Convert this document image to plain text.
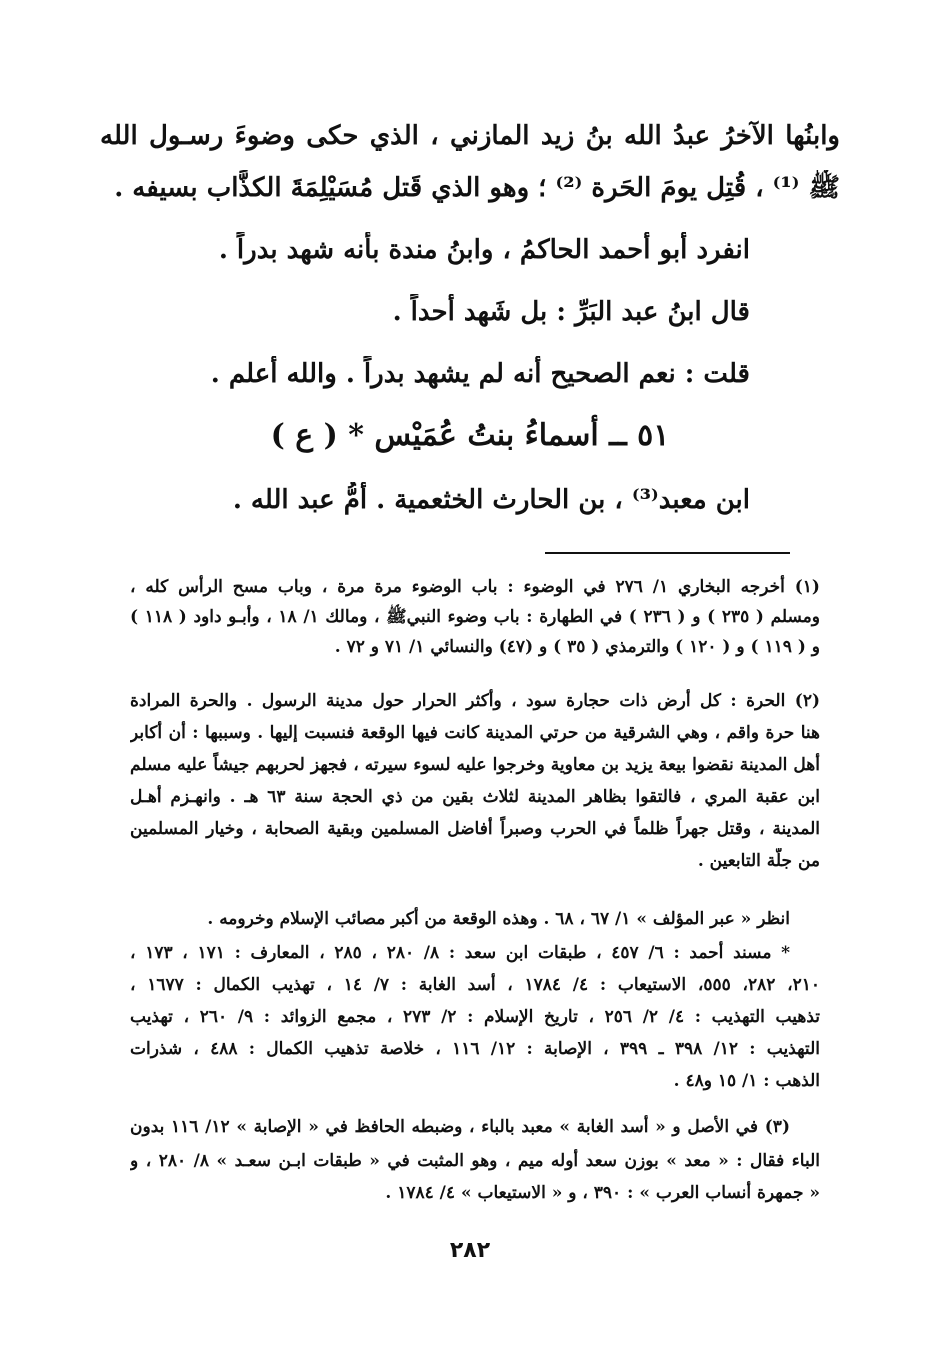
وابنُها الآخرُ عبدُ الله بنُ زيد المازني ، الذي حكى وضوءَ رسـول الله
ﷺ ⁽¹⁾ ، قُتِل يومَ الحَرة ⁽²⁾ ؛ وهو الذي قَتل مُسَيْلِمَةَ الكذَّاب بسيفه .
انفرد أبو أحمد الحاكمُ ، وابنُ مندة بأنه شهد بدراً .
قال ابنُ عبد البَرِّ : بل شَهد أُحداً .
قلت : نعم الصحيح أنه لم يشهد بدراً . والله أعلم .
٥١ ــ أسماءُ بنتُ عُمَيْس * ( ع )
ابن معبد⁽³⁾ ، بن الحارث الخثعمية . أُمُّ عبد الله .
(١) أخرجه البخاري ١/ ٢٧٦ في الوضوء : باب الوضوء مرة مرة ، وباب مسح الرأس كله ،
ومسلم ( ٢٣٥ ) و ( ٢٣٦ ) في الطهارة : باب وضوء النبيﷺ ، ومالك ١/ ١٨ ، وأبـو داود ( ١١٨ )
و ( ١١٩ ) و ( ١٢٠ ) والترمذي ( ٣٥ ) و (٤٧) والنسائي ١/ ٧١ و ٧٢ .
(٢) الحرة : كل أرض ذات حجارة سود ، وأكثر الحرار حول مدينة الرسول . والحرة المرادة
هنا حرة واقم ، وهي الشرقية من حرتي المدينة كانت فيها الوقعة فنسبت إليها . وسببها : أن أكابر
أهل المدينة نقضوا بيعة يزيد بن معاوية وخرجوا عليه لسوء سيرته ، فجهز لحربهم جيشاً عليه مسلم
ابن عقبة المري ، فالتقوا بظاهر المدينة لثلاث بقين من ذي الحجة سنة ٦٣ هـ . وانهـزم أهـل
المدينة ، وقتل جهراً ظلماً في الحرب وصبراً أفاضل المسلمين وبقية الصحابة ، وخيار المسلمين
من جلَّة التابعين .
انظر « عبر المؤلف » ١/ ٦٧ ، ٦٨ . وهذه الوقعة من أكبر مصائب الإسلام وخرومه .
* مسند أحمد : ٦/ ٤٥٧ ، طبقات ابن سعد : ٨/ ٢٨٠ ، ٢٨٥ ، المعارف : ١٧١ ، ١٧٣ ،
٢١٠، ٢٨٢، ٥٥٥، الاستيعاب : ٤/ ١٧٨٤ ، أسد الغابة : ٧/ ١٤ ، تهذيب الكمال : ١٦٧٧ ،
تذهيب التهذيب : ٤/ ٢/ ٢٥٦ ، تاريخ الإسلام : ٢/ ٢٧٣ ، مجمع الزوائد : ٩/ ٢٦٠ ، تهذيب
التهذيب : ١٢/ ٣٩٨ ـ ٣٩٩ ، الإصابة : ١٢/ ١١٦ ، خلاصة تذهيب الكمال : ٤٨٨ ، شذرات
الذهب : ١/ ١٥ و٤٨ .
(٣) في الأصل و « أسد الغابة » معبد بالباء ، وضبطه الحافظ في « الإصابة » ١٢/ ١١٦ بدون
الباء فقال : « معد » بوزن سعد أوله ميم ، وهو المثبت في « طبقات ابـن سعـد » ٨/ ٢٨٠ ، و
« جمهرة أنساب العرب » : ٣٩٠ ، و « الاستيعاب » ٤/ ١٧٨٤ .
٢٨٢
